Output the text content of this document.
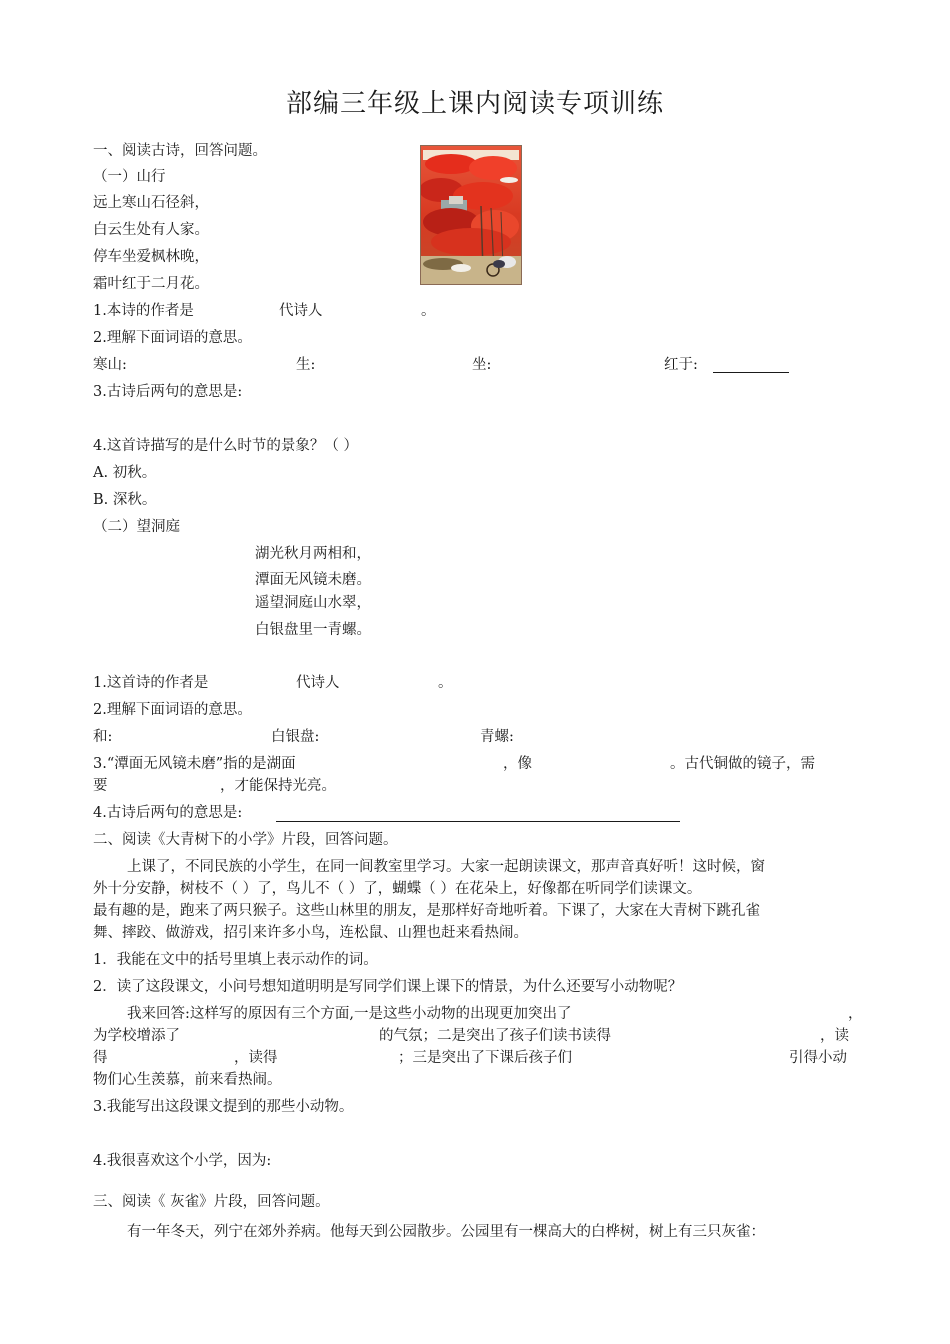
部编三年级上课内阅读专项训练
一、阅读古诗，回答问题。
（一）山行
远上寒山石径斜，
白云生处有人家。
停车坐爱枫林晚，
霜叶红于二月花。
1.本诗的作者是	代诗人	。
2.理解下面词语的意思。
寒山:	生:	坐:	红于:
3.古诗后两句的意思是:
4.这首诗描写的是什么时节的景象？（ ）
A. 初秋。
B. 深秋。
（二）望洞庭
湖光秋月两相和，
潭面无风镜未磨。
遥望洞庭山水翠，
白银盘里一青螺。
1.这首诗的作者是	代诗人	。
2.理解下面词语的意思。
和:	白银盘:	青螺:
3.“潭面无风镜未磨”指的是湖面	，像	。古代铜做的镜子，需
要	，才能保持光亮。
4.古诗后两句的意思是:
二、阅读《大青树下的小学》片段，回答问题。
上课了，不同民族的小学生，在同一间教室里学习。大家一起朗读课文，那声音真好听！这时候，窗
外十分安静，树枝不（ ）了，鸟儿不（ ）了，蝴蝶（ ）在花朵上，好像都在听同学们读课文。
最有趣的是，跑来了两只猴子。这些山林里的朋友，是那样好奇地听着。下课了，大家在大青树下跳孔雀
舞、摔跤、做游戏，招引来许多小鸟，连松鼠、山狸也赶来看热闹。
1．我能在文中的括号里填上表示动作的词。
2．读了这段课文，小问号想知道明明是写同学们课上课下的情景，为什么还要写小动物呢？
我来回答:这样写的原因有三个方面,一是这些小动物的出现更加突出了	，
为学校增添了	的气氛；二是突出了孩子们读书读得	，读
得	，读得	；三是突出了下课后孩子们	引得小动
物们心生羡慕，前来看热闹。
3.我能写出这段课文提到的那些小动物。
4.我很喜欢这个小学，因为:
三、阅读《 灰雀》片段，回答问题。
有一年冬天，列宁在郊外养病。他每天到公园散步。公园里有一棵高大的白桦树，树上有三只灰雀：
